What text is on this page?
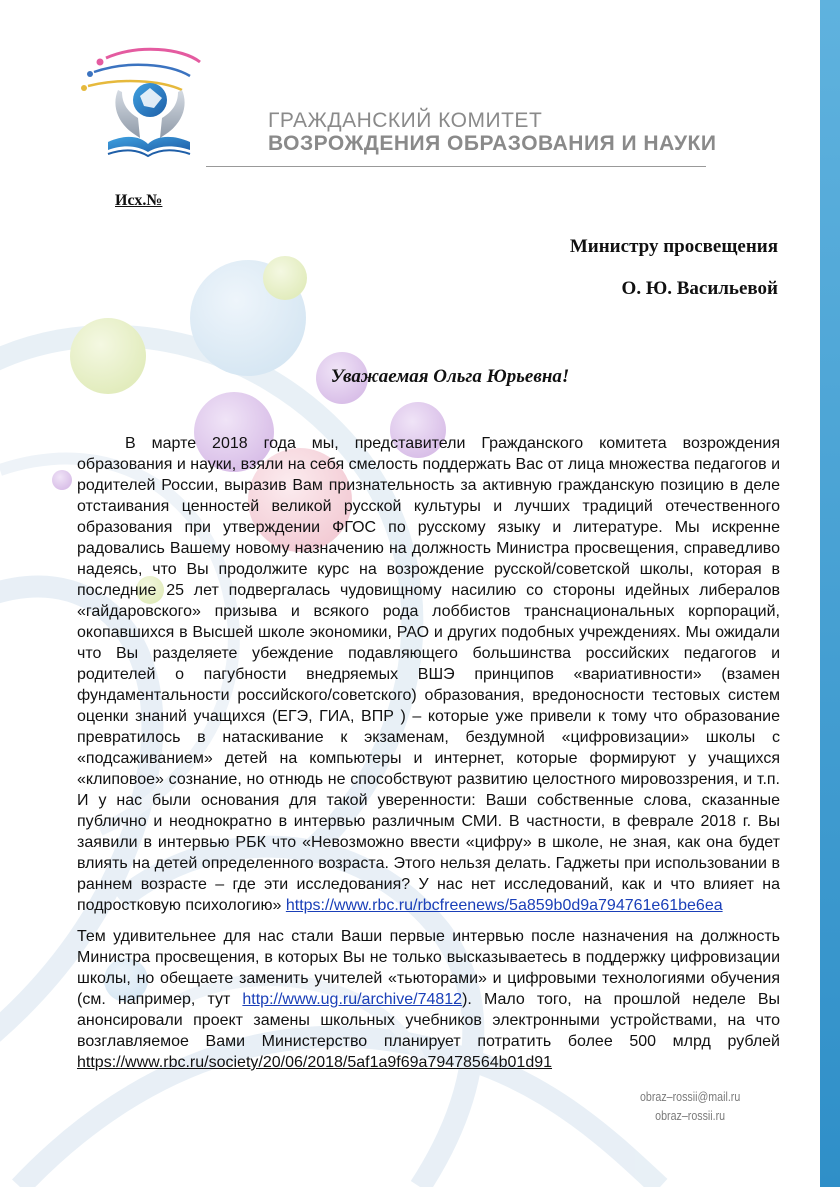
ГРАЖДАНСКИЙ КОМИТЕТ
ВОЗРОЖДЕНИЯ ОБРАЗОВАНИЯ И НАУКИ
Исх.№
Министру просвещения
О. Ю. Васильевой
Уважаемая Ольга Юрьевна!

В марте 2018 года мы, представители Гражданского комитета возрождения образования и науки, взяли на себя смелость поддержать Вас от лица множества педагогов и родителей России, выразив Вам признательность за активную гражданскую позицию в деле отстаивания ценностей великой русской культуры и лучших традиций отечественного образования при утверждении ФГОС по русскому языку и литературе. Мы искренне радовались Вашему новому назначению на должность Министра просвещения, справедливо надеясь, что Вы продолжите курс на возрождение русской/советской школы, которая в последние 25 лет подвергалась чудовищному насилию со стороны идейных либералов «гайдаровского» призыва и всякого рода лоббистов транснациональных корпораций, окопавшихся в Высшей школе экономики, РАО и других подобных учреждениях. Мы ожидали что Вы разделяете убеждение подавляющего большинства российских педагогов и родителей о пагубности внедряемых ВШЭ принципов «вариативности» (взамен фундаментальности российского/советского) образования, вредоносности тестовых систем оценки знаний учащихся (ЕГЭ, ГИА, ВПР ) – которые уже привели к тому что образование превратилось в натаскивание к экзаменам, бездумной «цифровизации» школы с «подсаживанием» детей на компьютеры и интернет, которые формируют у учащихся «клиповое» сознание, но отнюдь не способствуют развитию целостного мировоззрения, и т.п. И у нас были основания для такой уверенности: Ваши собственные слова, сказанные публично и неоднократно в интервью различным СМИ. В частности, в феврале 2018 г. Вы заявили в интервью РБК что «Невозможно ввести «цифру» в школе, не зная, как она будет влиять на детей определенного возраста. Этого нельзя делать. Гаджеты при использовании в раннем возрасте – где эти исследования? У нас нет исследований, как и что влияет на подростковую психологию» https://www.rbc.ru/rbcfreenews/5a859b0d9a794761e61be6ea

Тем удивительнее для нас стали Ваши первые интервью после назначения на должность Министра просвещения, в которых Вы не только высказываетесь в поддержку цифровизации школы, но обещаете заменить учителей «тьюторами» и цифровыми технологиями обучения (см. например, тут http://www.ug.ru/archive/74812). Мало того, на прошлой неделе Вы анонсировали проект замены школьных учебников электронными устройствами, на что возглавляемое Вами Министерство планирует потратить более 500 млрд рублей https://www.rbc.ru/society/20/06/2018/5af1a9f69a79478564b01d91

obraz–rossii@mail.ru
obraz–rossii.ru
